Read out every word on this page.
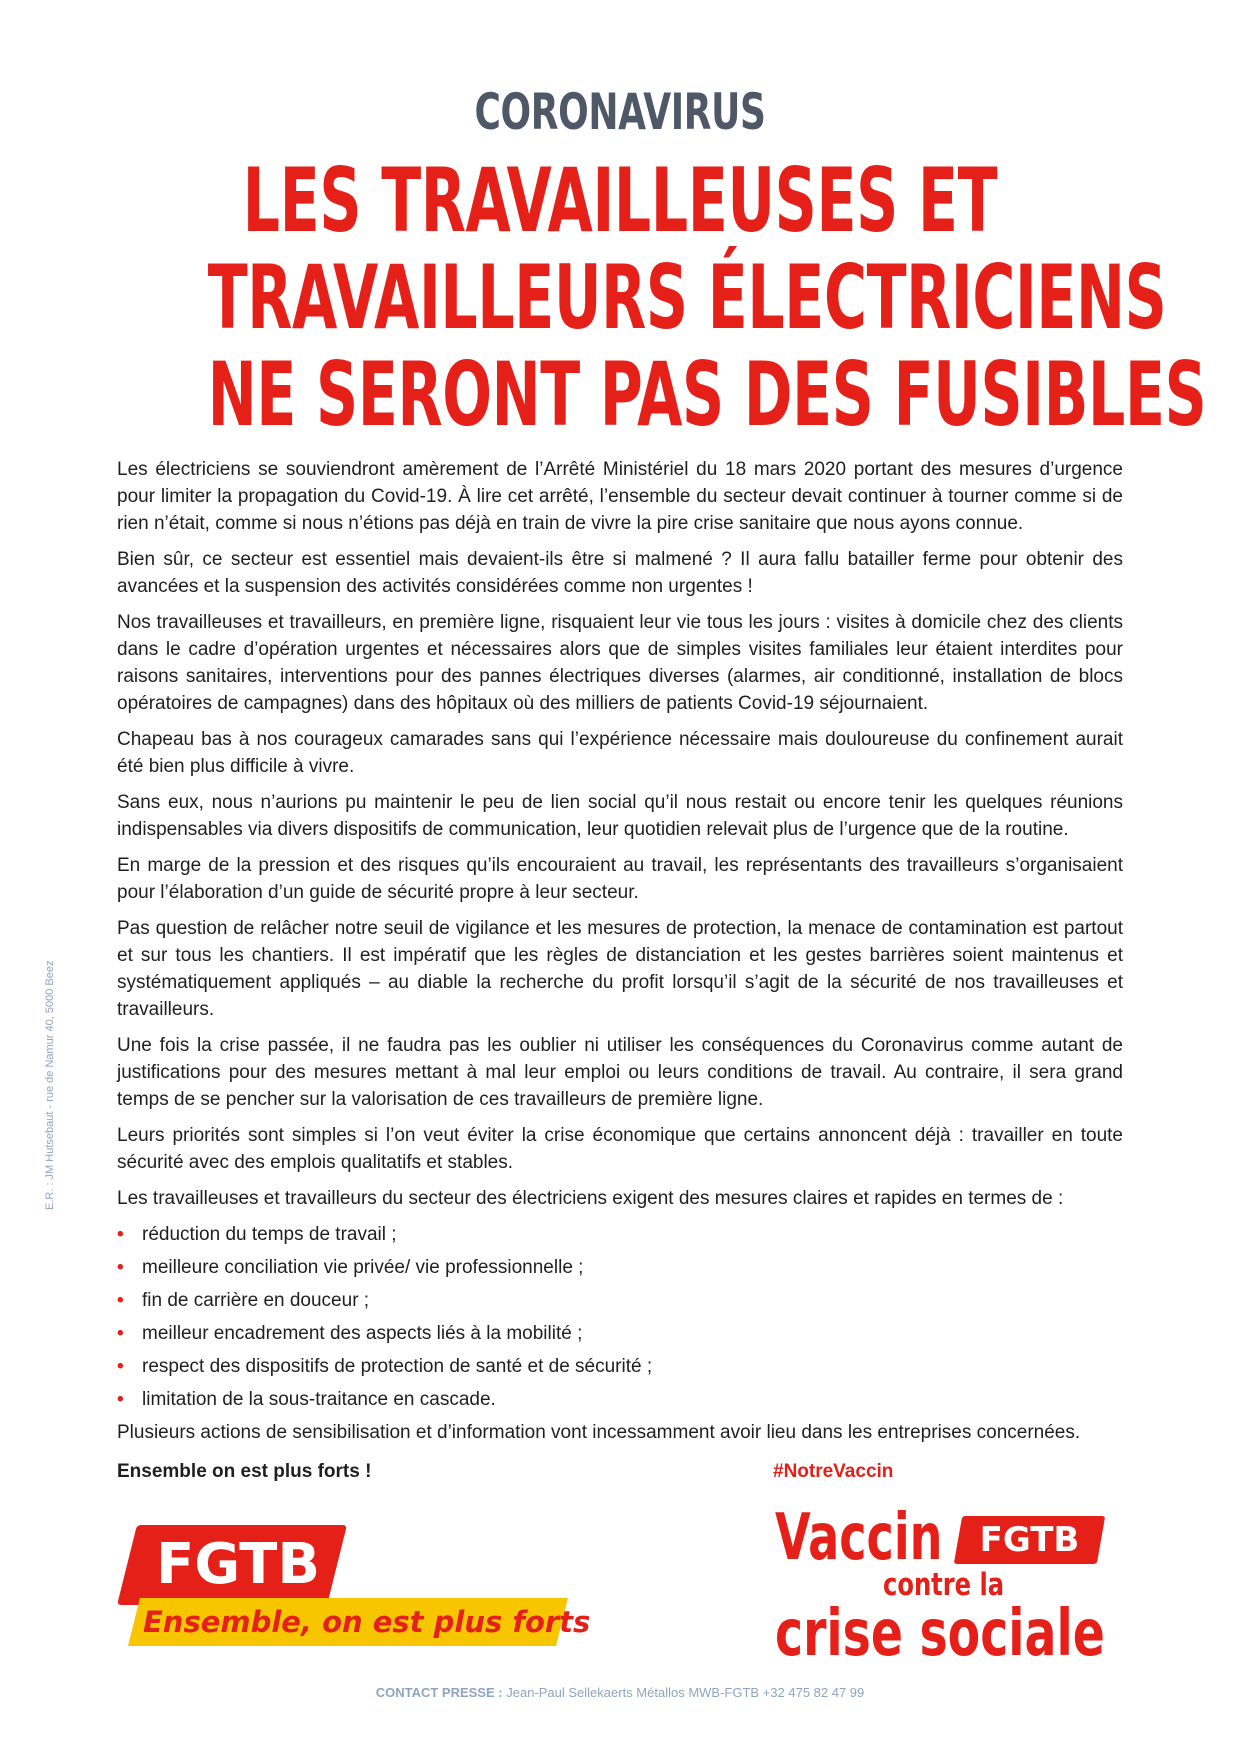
CORONAVIRUS
LES TRAVAILLEUSES ET
TRAVAILLEURS ÉLECTRICIENS
NE SERONT PAS DES FUSIBLES

Les électriciens se souviendront amèrement de l’Arrêté Ministériel du 18 mars 2020 portant des mesures d’urgence pour limiter la propagation du Covid-19. À lire cet arrêté, l’ensemble du secteur devait continuer à tourner comme si de rien n’était, comme si nous n’étions pas déjà en train de vivre la pire crise sanitaire que nous ayons connue.

Bien sûr, ce secteur est essentiel mais devaient-ils être si malmené ? Il aura fallu batailler ferme pour obtenir des avancées et la suspension des activités considérées comme non urgentes !

Nos travailleuses et travailleurs, en première ligne, risquaient leur vie tous les jours : visites à domicile chez des clients dans le cadre d’opération urgentes et nécessaires alors que de simples visites familiales leur étaient interdites pour raisons sanitaires, interventions pour des pannes électriques diverses (alarmes, air conditionné, installation de blocs opératoires de campagnes) dans des hôpitaux où des milliers de patients Covid-19 séjournaient.

Chapeau bas à nos courageux camarades sans qui l’expérience nécessaire mais douloureuse du confinement aurait été bien plus difficile à vivre.

Sans eux, nous n’aurions pu maintenir le peu de lien social qu’il nous restait ou encore tenir les quelques réunions indispensables via divers dispositifs de communication, leur quotidien relevait plus de l’urgence que de la routine.

En marge de la pression et des risques qu’ils encouraient au travail, les représentants des travailleurs s’organisaient pour l’élaboration d’un guide de sécurité propre à leur secteur.

Pas question de relâcher notre seuil de vigilance et les mesures de protection, la menace de contamination est partout et sur tous les chantiers. Il est impératif que les règles de distanciation et les gestes barrières soient maintenus et systématiquement appliqués – au diable la recherche du profit lorsqu’il s’agit de la sécurité de nos travailleuses et travailleurs.

Une fois la crise passée, il ne faudra pas les oublier ni utiliser les conséquences du Coronavirus comme autant de justifications pour des mesures mettant à mal leur emploi ou leurs conditions de travail. Au contraire, il sera grand temps de se pencher sur la valorisation de ces travailleurs de première ligne.

Leurs priorités sont simples si l’on veut éviter la crise économique que certains annoncent déjà : travailler en toute sécurité avec des emplois qualitatifs et stables.

Les travailleuses et travailleurs du secteur des électriciens exigent des mesures claires et rapides en termes de :

• réduction du temps de travail ;
• meilleure conciliation vie privée/ vie professionnelle ;
• fin de carrière en douceur ;
• meilleur encadrement des aspects liés à la mobilité ;
• respect des dispositifs de protection de santé et de sécurité ;
• limitation de la sous-traitance en cascade.

Plusieurs actions de sensibilisation et d’information vont incessamment avoir lieu dans les entreprises concernées.

Ensemble on est plus forts !	#NotreVaccin
E.R. : JM Hutsebaut - rue de Namur 40, 5000 Beez
FGTB
Ensemble, on est plus forts
Vaccin	FGTB
contre la
crise sociale
CONTACT PRESSE : Jean-Paul Sellekaerts Métallos MWB-FGTB +32 475 82 47 99
